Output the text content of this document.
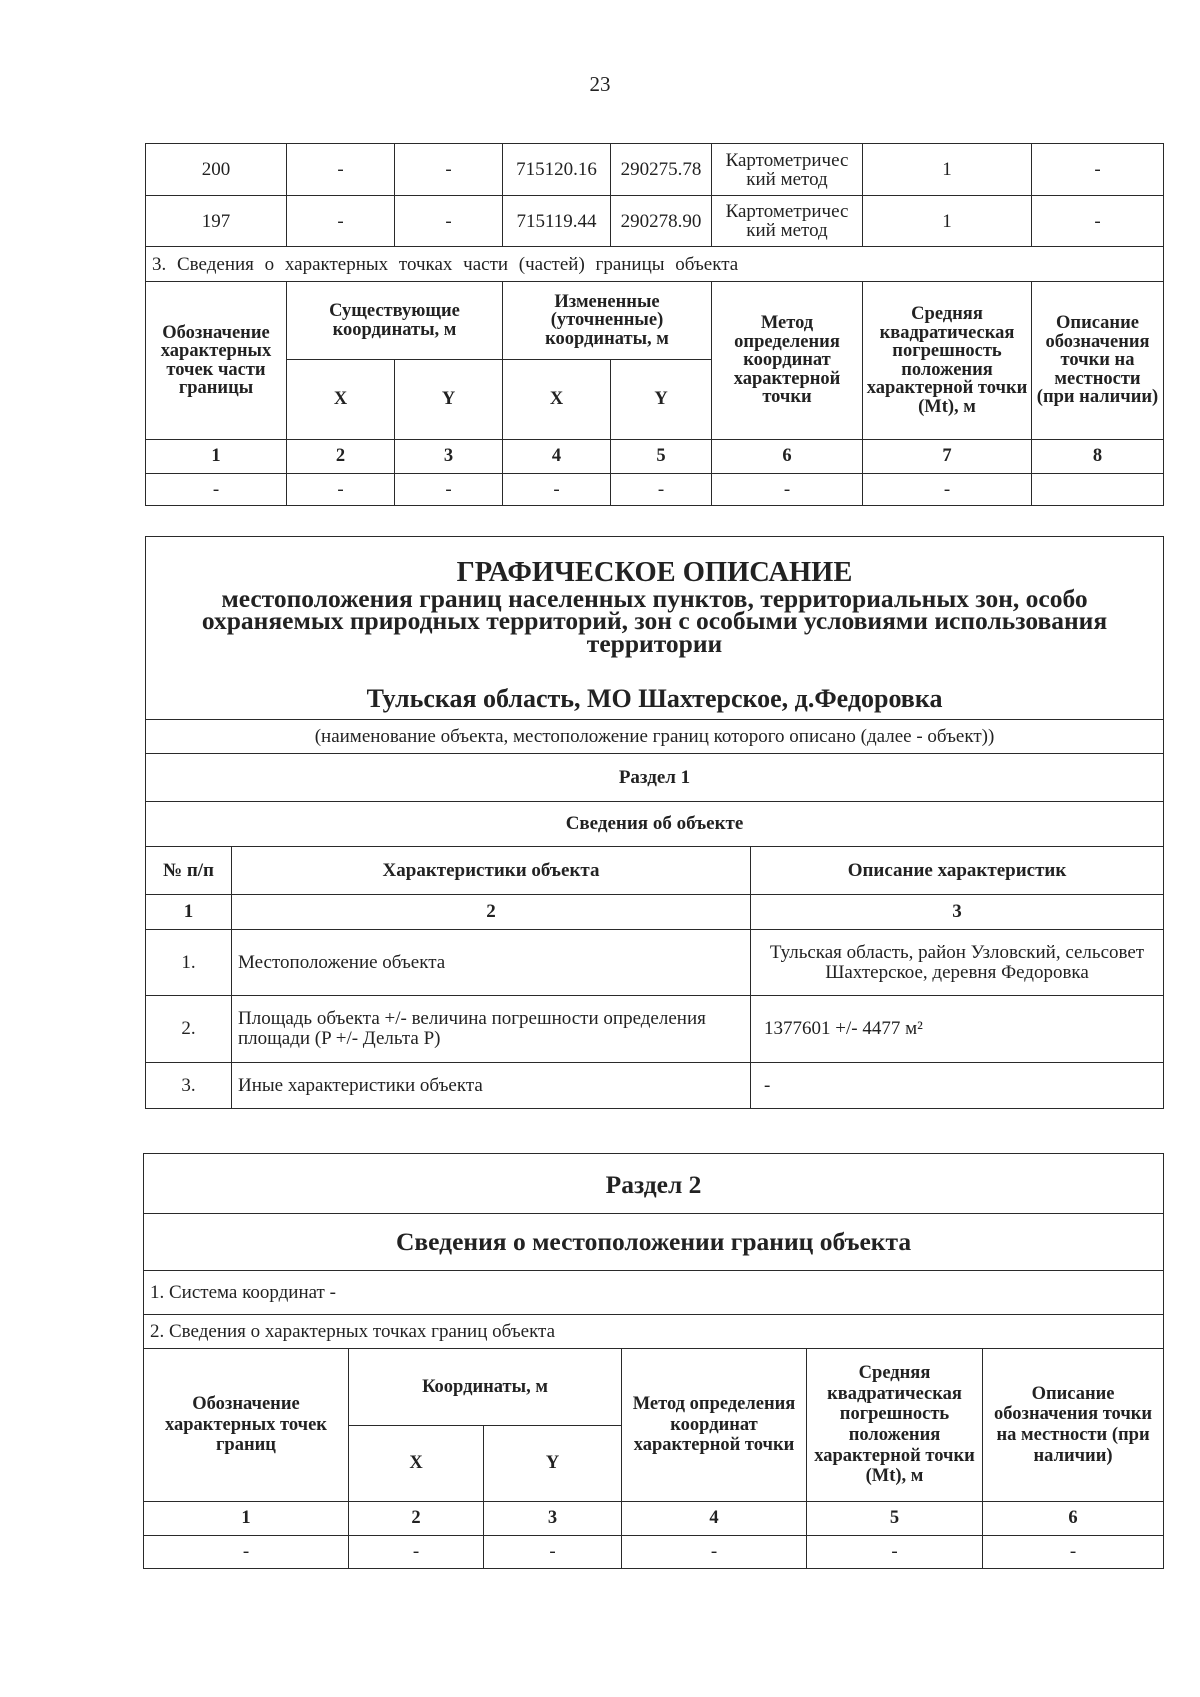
23
200	-	-	715120.16	290275.78	Картометричес кий метод	1	-
197	-	-	715119.44	290278.90	Картометричес кий метод	1	-
3. Сведения о характерных точках части (частей) границы объекта							
Обозначение характерных точек части границы	Существующие координаты, м		Измененные (уточненные) координаты, м		Метод определения координат характерной точки	Средняя квадратическая погрешность положения характерной точки (Mt), м	Описание обозначения точки на местности (при наличии)
	X	Y	X	Y			
1	2	3	4	5	6	7	8
-	-	-	-	-	-	-	
ГРАФИЧЕСКОЕ ОПИСАНИЕ
местоположения границ населенных пунктов, территориальных зон, особо охраняемых природных территорий, зон с особыми условиями использования территории
Тульская область, МО Шахтерское, д.Федоровка		

(наименование объекта, местоположение границ которого описано (далее - объект))		
Раздел 1		
Сведения об объекте		
№ п/п	Характеристики объекта	Описание характеристик
1	2	3
1.	Местоположение объекта	Тульская область, район Узловский, сельсовет Шахтерское, деревня Федоровка
2.	Площадь объекта +/- величина погрешности определения площади (P +/- Дельта P)	1377601 +/- 4477 м²
3.	Иные характеристики объекта	-
Раздел 2					
Сведения о местоположении границ объекта					
1. Система координат -					
2. Сведения о характерных точках границ объекта					
Обозначение характерных точек границ	Координаты, м		Метод определения координат характерной точки	Средняя квадратическая погрешность положения характерной точки (Mt), м	Описание обозначения точки на местности (при наличии)
	X	Y			
1	2	3	4	5	6
-	-	-	-	-	-
